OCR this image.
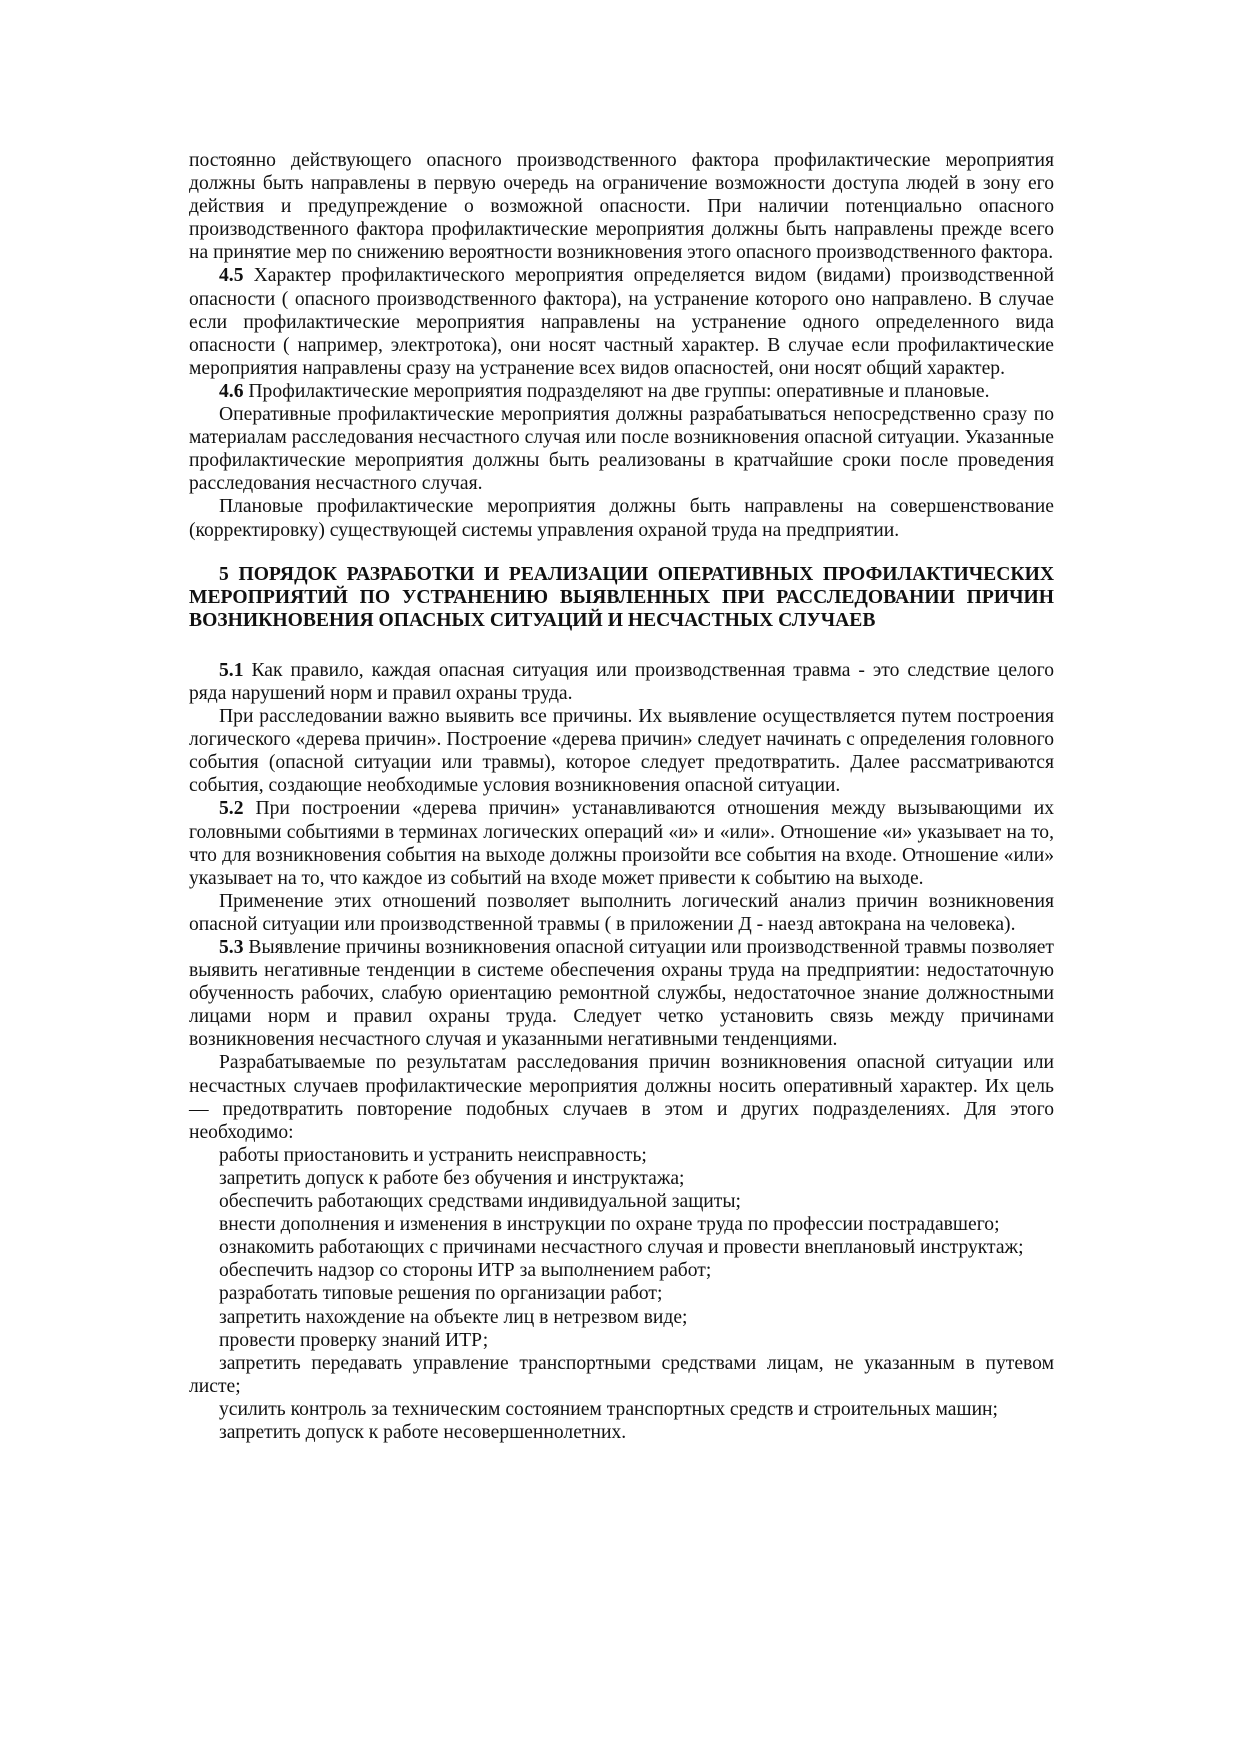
постоянно действующего опасного производственного фактора профилактические мероприятия должны быть направлены в первую очередь на ограничение возможности доступа людей в зону его действия и предупреждение о возможной опасности. При наличии потенциально опасного производственного фактора профилактические мероприятия должны быть направлены прежде всего на принятие мер по снижению вероятности возникновения этого опасного производственного фактора.

4.5 Характер профилактического мероприятия определяется видом (видами) производственной опасности ( опасного производственного фактора), на устранение которого оно направлено. В случае если профилактические мероприятия направлены на устранение одного определенного вида опасности ( например, электротока), они носят частный характер. В случае если профилактические мероприятия направлены сразу на устранение всех видов опасностей, они носят общий характер.

4.6 Профилактические мероприятия подразделяют на две группы: оперативные и плановые.

Оперативные профилактические мероприятия должны разрабатываться непосредственно сразу по материалам расследования несчастного случая или после возникновения опасной ситуации. Указанные профилактические мероприятия должны быть реализованы в кратчайшие сроки после проведения расследования несчастного случая.

Плановые профилактические мероприятия должны быть направлены на совершенствование (корректировку) существующей системы управления охраной труда на предприятии.

5 ПОРЯДОК РАЗРАБОТКИ И РЕАЛИЗАЦИИ ОПЕРАТИВНЫХ ПРОФИЛАКТИЧЕСКИХ МЕРОПРИЯТИЙ ПО УСТРАНЕНИЮ ВЫЯВЛЕННЫХ ПРИ РАССЛЕДОВАНИИ ПРИЧИН ВОЗНИКНОВЕНИЯ ОПАСНЫХ СИТУАЦИЙ И НЕСЧАСТНЫХ СЛУЧАЕВ

5.1 Как правило, каждая опасная ситуация или производственная травма - это следствие целого ряда нарушений норм и правил охраны труда.

При расследовании важно выявить все причины. Их выявление осуществляется путем построения логического «дерева причин». Построение «дерева причин» следует начинать с определения головного события (опасной ситуации или травмы), которое следует предотвратить. Далее рассматриваются события, создающие необходимые условия возникновения опасной ситуации.

5.2 При построении «дерева причин» устанавливаются отношения между вызывающими их головными событиями в терминах логических операций «и» и «или». Отношение «и» указывает на то, что для возникновения события на выходе должны произойти все события на входе. Отношение «или» указывает на то, что каждое из событий на входе может привести к событию на выходе.

Применение этих отношений позволяет выполнить логический анализ причин возникновения опасной ситуации или производственной травмы ( в приложении Д - наезд автокрана на человека).

5.3 Выявление причины возникновения опасной ситуации или производственной травмы позволяет выявить негативные тенденции в системе обеспечения охраны труда на предприятии: недостаточную обученность рабочих, слабую ориентацию ремонтной службы, недостаточное знание должностными лицами норм и правил охраны труда. Следует четко установить связь между причинами возникновения несчастного случая и указанными негативными тенденциями.

Разрабатываемые по результатам расследования причин возникновения опасной ситуации или несчастных случаев профилактические мероприятия должны носить оперативный характер. Их цель — предотвратить повторение подобных случаев в этом и других подразделениях. Для этого необходимо:

работы приостановить и устранить неисправность;

запретить допуск к работе без обучения и инструктажа;

обеспечить работающих средствами индивидуальной защиты;

внести дополнения и изменения в инструкции по охране труда по профессии пострадавшего;

ознакомить работающих с причинами несчастного случая и провести внеплановый инструктаж;

обеспечить надзор со стороны ИТР за выполнением работ;

разработать типовые решения по организации работ;

запретить нахождение на объекте лиц в нетрезвом виде;

провести проверку знаний ИТР;

запретить передавать управление транспортными средствами лицам, не указанным в путевом листе;

усилить контроль за техническим состоянием транспортных средств и строительных машин;

запретить допуск к работе несовершеннолетних.
